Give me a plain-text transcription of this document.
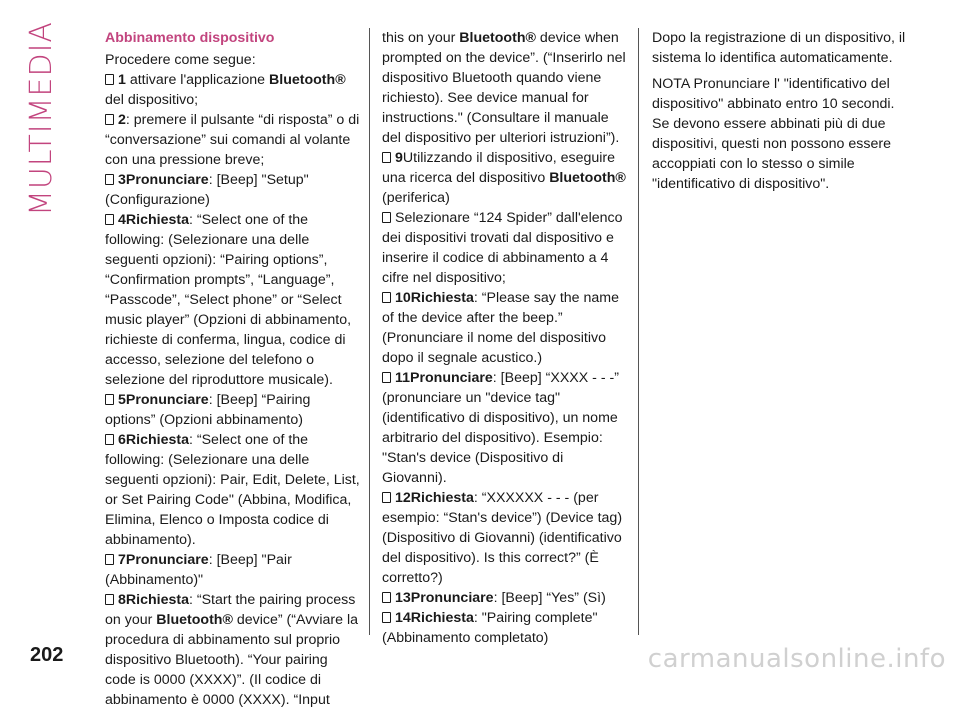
MULTIMEDIA	Abbinamento dispositivo

Procedere come segue:

1 attivare l'applicazione Bluetooth® del dispositivo;

2: premere il pulsante “di risposta” o di “conversazione” sui comandi al volante con una pressione breve;

3Pronunciare: [Beep] "Setup" (Configurazione)

4Richiesta: “Select one of the following: (Selezionare una delle seguenti opzioni): “Pairing options”, “Confirmation prompts”, “Language”, “Passcode”, “Select phone” or “Select music player” (Opzioni di abbinamento, richieste di conferma, lingua, codice di accesso, selezione del telefono o selezione del riproduttore musicale).

5Pronunciare: [Beep] “Pairing options” (Opzioni abbinamento)

6Richiesta: “Select one of the following: (Selezionare una delle seguenti opzioni): Pair, Edit, Delete, List, or Set Pairing Code" (Abbina, Modifica, Elimina, Elenco o Imposta codice di abbinamento).

7Pronunciare: [Beep] "Pair (Abbinamento)"

8Richiesta: “Start the pairing process on your Bluetooth® device” (“Avviare la procedura di abbinamento sul proprio dispositivo Bluetooth). “Your pairing code is 0000 (XXXX)”. (Il codice di abbinamento è 0000 (XXXX). “Input

this on your Bluetooth® device when prompted on the device”. (“Inserirlo nel dispositivo Bluetooth quando viene richiesto). See device manual for instructions." (Consultare il manuale del dispositivo per ulteriori istruzioni”).

9Utilizzando il dispositivo, eseguire una ricerca del dispositivo Bluetooth® (periferica)

Selezionare “124 Spider” dall'elenco dei dispositivi trovati dal dispositivo e inserire il codice di abbinamento a 4 cifre nel dispositivo;

10Richiesta: “Please say the name of the device after the beep.” (Pronunciare il nome del dispositivo dopo il segnale acustico.)

11Pronunciare: [Beep] “XXXX - - -” (pronunciare un "device tag" (identificativo di dispositivo), un nome arbitrario del dispositivo). Esempio: "Stan's device (Dispositivo di Giovanni).

12Richiesta: “XXXXXX - - - (per esempio: “Stan's device”) (Device tag) (Dispositivo di Giovanni) (identificativo del dispositivo). Is this correct?” (È corretto?)

13Pronunciare: [Beep] “Yes” (Sì)

14Richiesta: "Pairing complete" (Abbinamento completato)

Dopo la registrazione di un dispositivo, il sistema lo identifica automaticamente.

NOTA Pronunciare l' "identificativo del dispositivo" abbinato entro 10 secondi. Se devono essere abbinati più di due dispositivi, questi non possono essere accoppiati con lo stesso o simile "identificativo di dispositivo".

202	carmanualsonline.info
